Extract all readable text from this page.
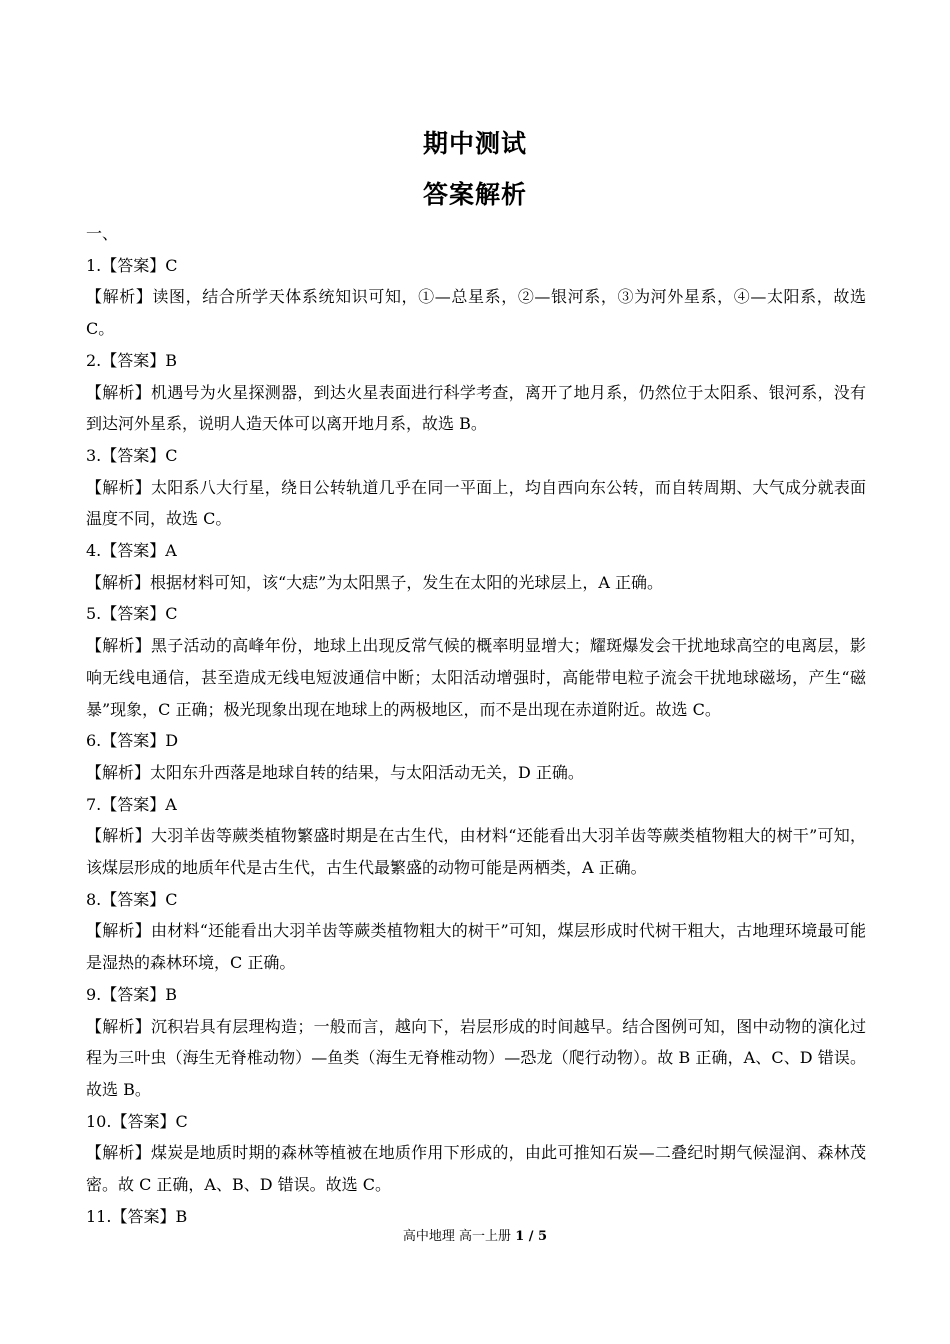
期中测试
答案解析

一、

1.【答案】C

【解析】读图，结合所学天体系统知识可知，①—总星系，②—银河系，③为河外星系，④—太阳系，故选C。

2.【答案】B

【解析】机遇号为火星探测器，到达火星表面进行科学考查，离开了地月系，仍然位于太阳系、银河系，没有到达河外星系，说明人造天体可以离开地月系，故选 B。

3.【答案】C

【解析】太阳系八大行星，绕日公转轨道几乎在同一平面上，均自西向东公转，而自转周期、大气成分就表面温度不同，故选 C。

4.【答案】A

【解析】根据材料可知，该“大痣”为太阳黑子，发生在太阳的光球层上，A 正确。

5.【答案】C

【解析】黑子活动的高峰年份，地球上出现反常气候的概率明显增大；耀斑爆发会干扰地球高空的电离层，影响无线电通信，甚至造成无线电短波通信中断；太阳活动增强时，高能带电粒子流会干扰地球磁场，产生“磁暴”现象，C 正确；极光现象出现在地球上的两极地区，而不是出现在赤道附近。故选 C。

6.【答案】D

【解析】太阳东升西落是地球自转的结果，与太阳活动无关，D 正确。

7.【答案】A

【解析】大羽羊齿等蕨类植物繁盛时期是在古生代，由材料“还能看出大羽羊齿等蕨类植物粗大的树干”可知，该煤层形成的地质年代是古生代，古生代最繁盛的动物可能是两栖类，A 正确。

8.【答案】C

【解析】由材料“还能看出大羽羊齿等蕨类植物粗大的树干”可知，煤层形成时代树干粗大，古地理环境最可能是湿热的森林环境，C 正确。

9.【答案】B

【解析】沉积岩具有层理构造；一般而言，越向下，岩层形成的时间越早。结合图例可知，图中动物的演化过程为三叶虫（海生无脊椎动物）—鱼类（海生无脊椎动物）—恐龙（爬行动物）。故 B 正确，A、C、D 错误。故选 B。

10.【答案】C

【解析】煤炭是地质时期的森林等植被在地质作用下形成的，由此可推知石炭—二叠纪时期气候湿润、森林茂密。故 C 正确，A、B、D 错误。故选 C。

11.【答案】B

高中地理 高一上册 1 / 5
